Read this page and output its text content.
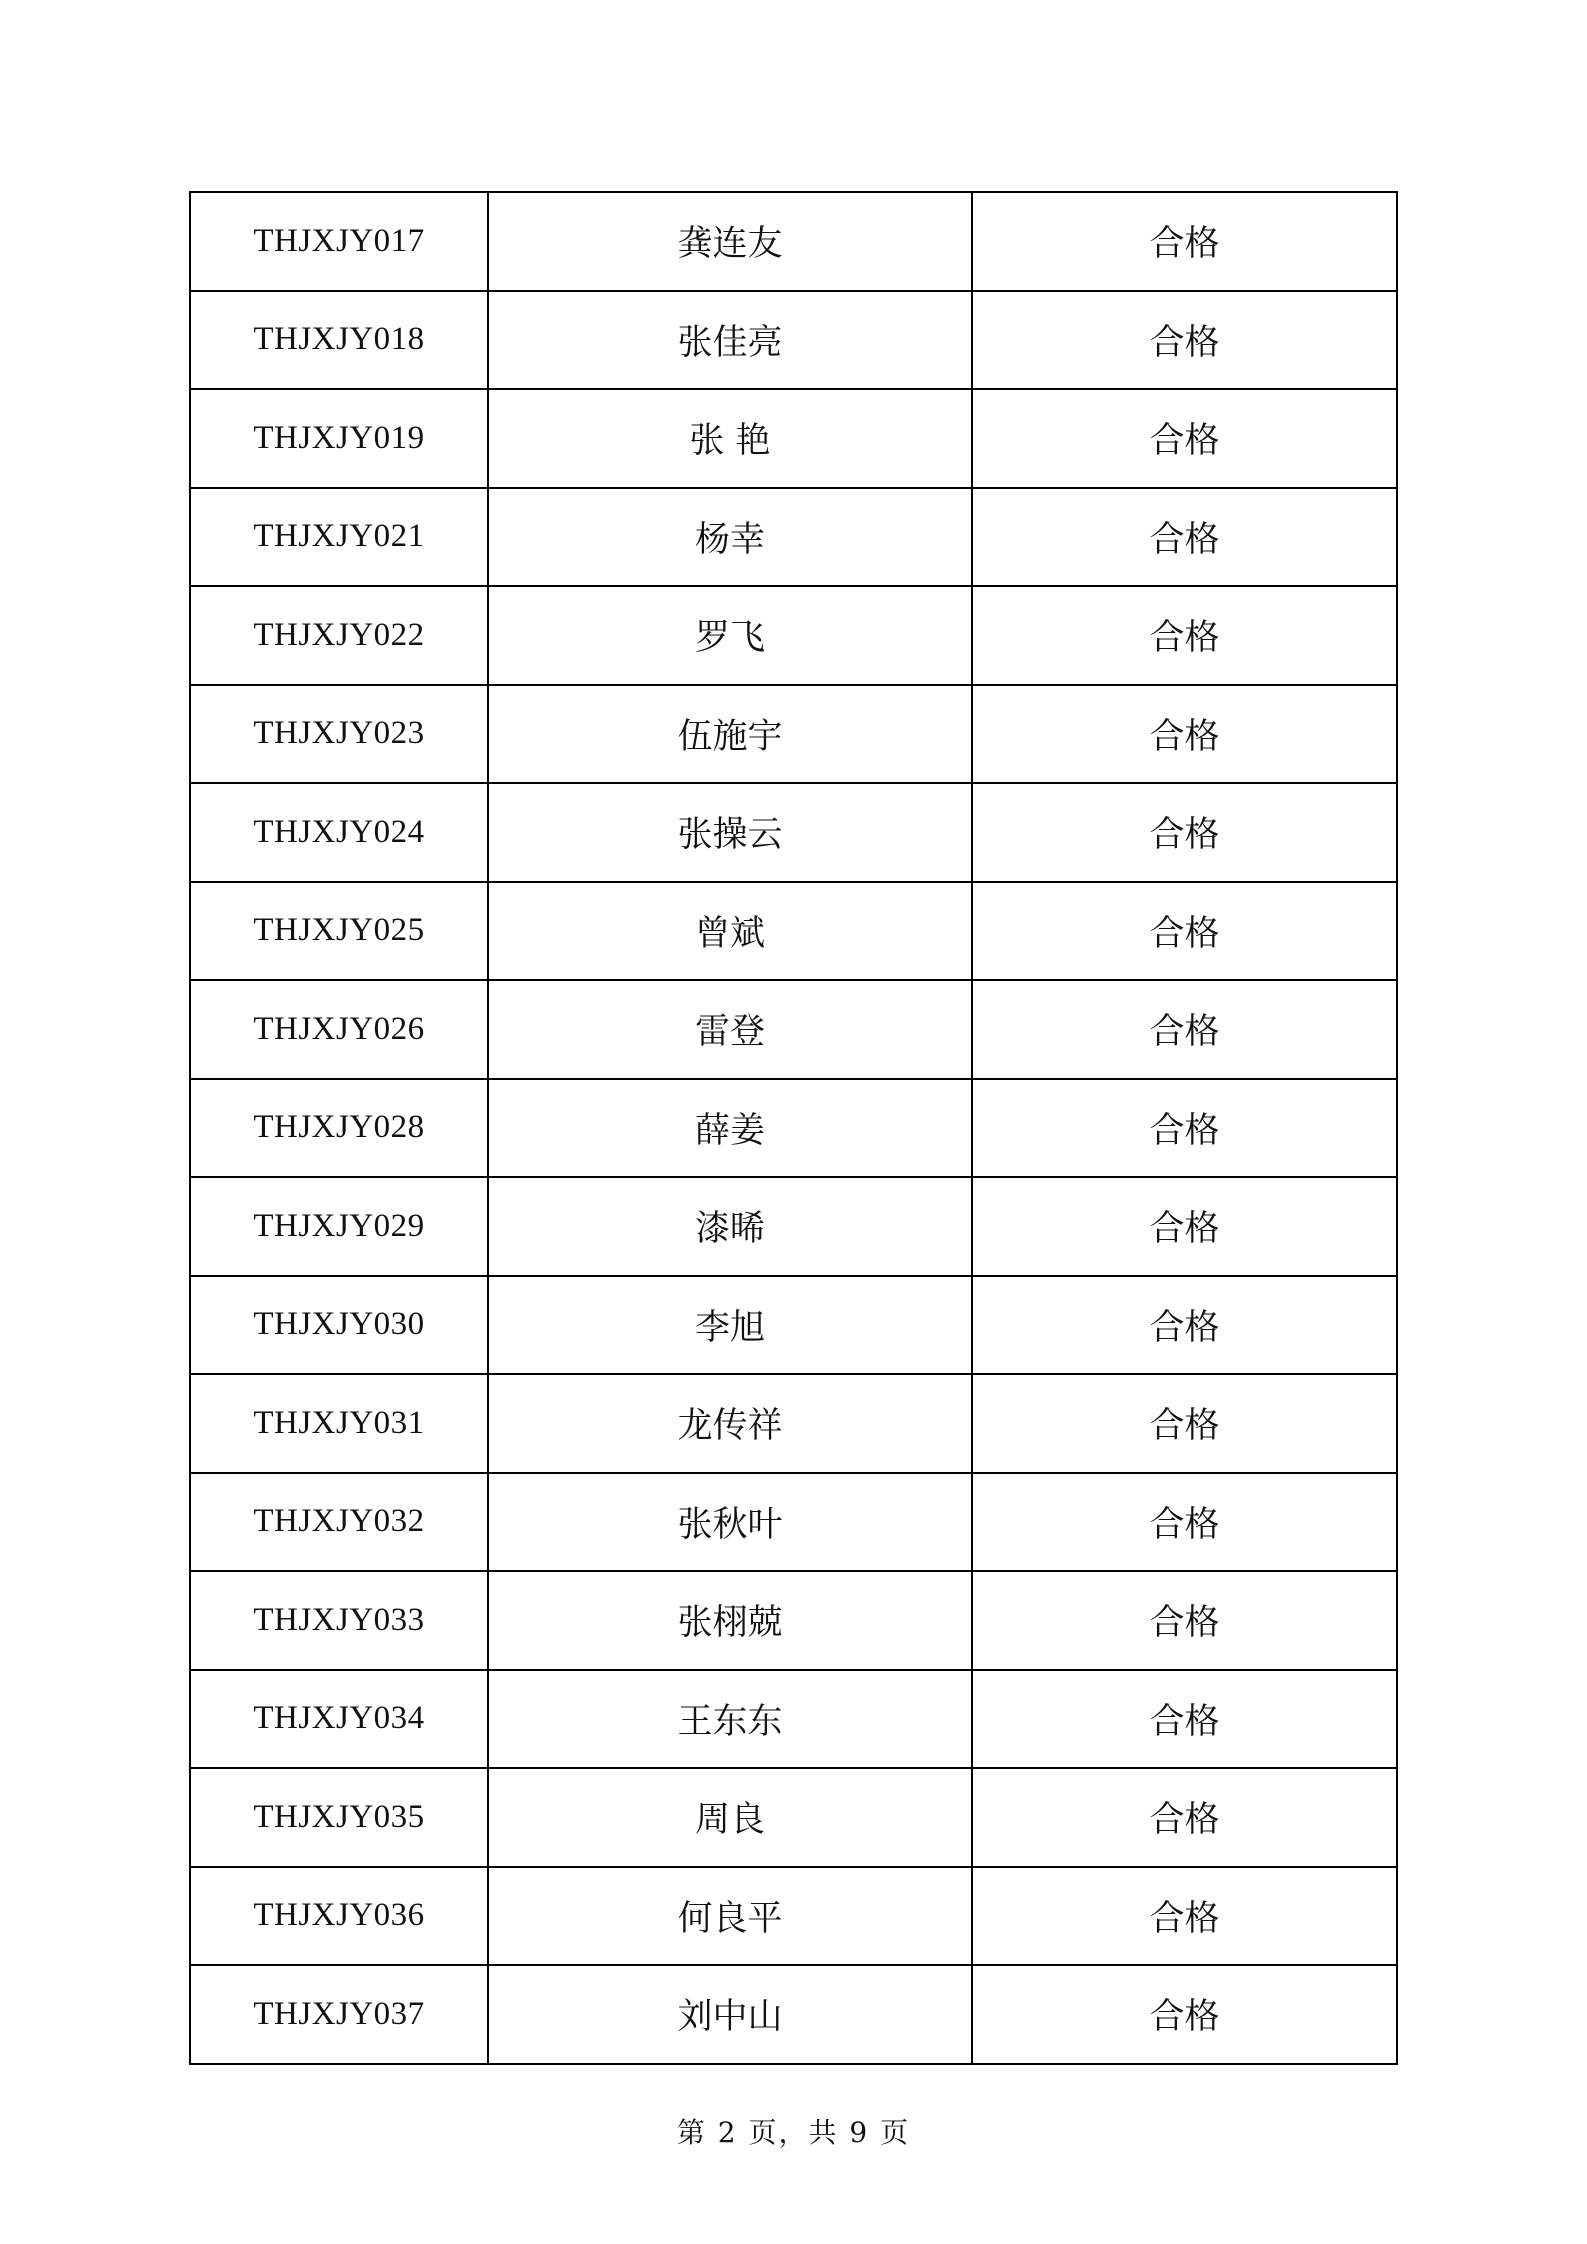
THJXJY017	龚连友	合格
THJXJY018	张佳亮	合格
THJXJY019	张 艳	合格
THJXJY021	杨幸	合格
THJXJY022	罗飞	合格
THJXJY023	伍施宇	合格
THJXJY024	张操云	合格
THJXJY025	曾斌	合格
THJXJY026	雷登	合格
THJXJY028	薛姜	合格
THJXJY029	漆晞	合格
THJXJY030	李旭	合格
THJXJY031	龙传祥	合格
THJXJY032	张秋叶	合格
THJXJY033	张栩兢	合格
THJXJY034	王东东	合格
THJXJY035	周良	合格
THJXJY036	何良平	合格
THJXJY037	刘中山	合格
第 2 页，共 9 页
